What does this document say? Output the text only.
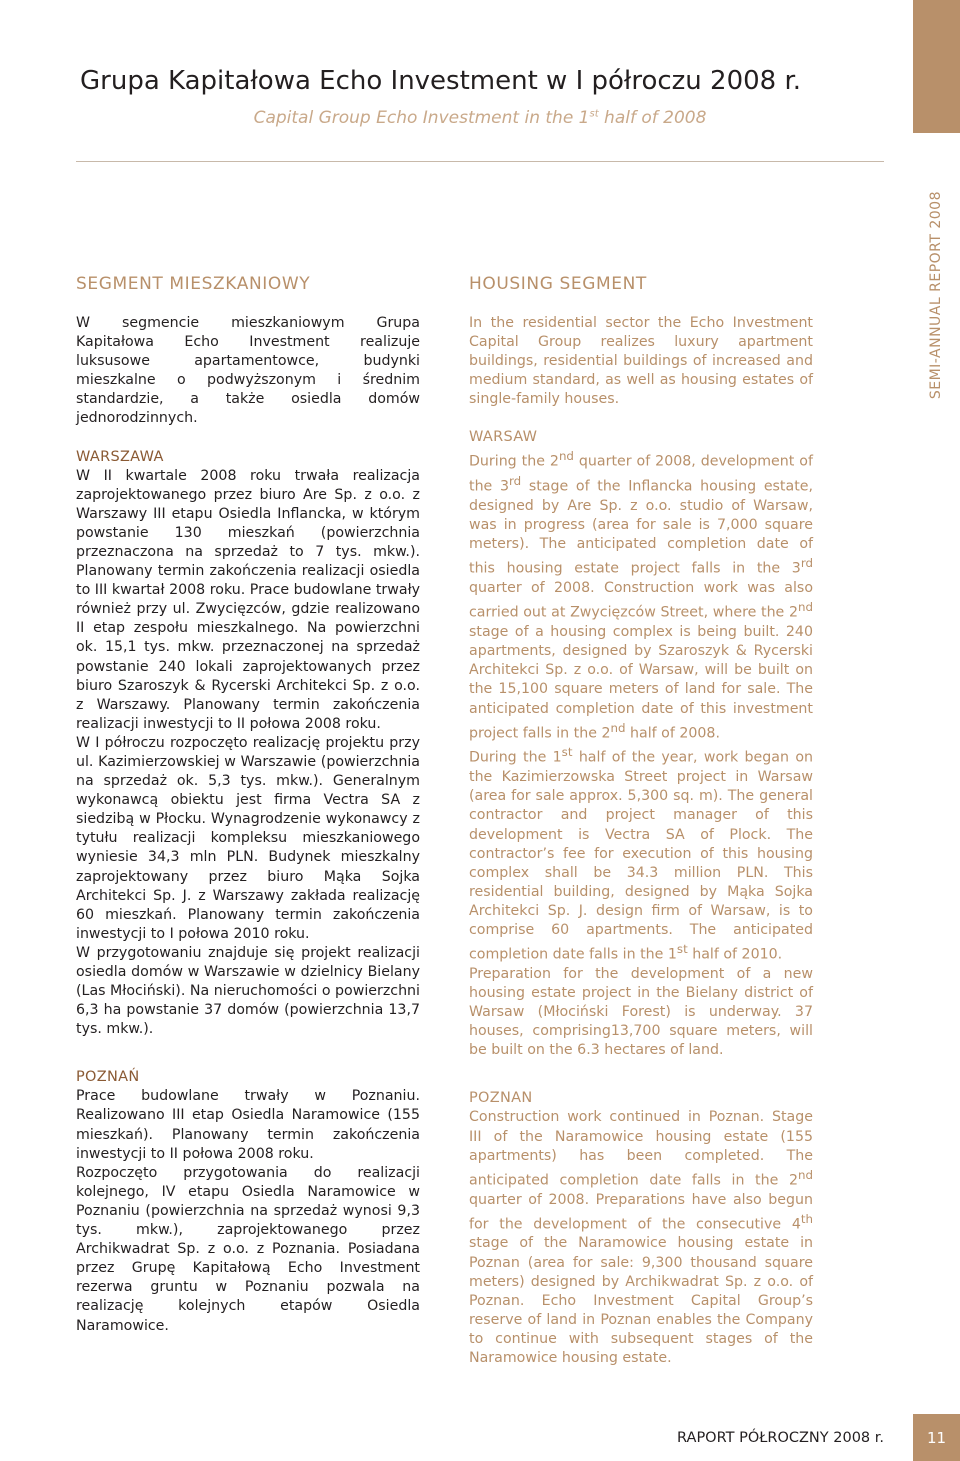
SEMI-ANNUAL REPORT 2008
Grupa Kapitałowa Echo Investment w I półroczu 2008 r.
Capital Group Echo Investment in the 1st half of 2008
SEGMENT MIESZKANIOWY

W segmencie mieszkaniowym Grupa Kapitałowa Echo Investment realizuje luksusowe apartamentowce, budynki mieszkalne o podwyższonym i średnim standardzie, a także osiedla domów jednorodzinnych.

WARSZAWA

W II kwartale 2008 roku trwała realizacja zaprojektowanego przez biuro Are Sp. z o.o. z Warszawy III etapu Osiedla Inflancka, w którym powstanie 130 mieszkań (powierzchnia przeznaczona na sprzedaż to 7 tys. mkw.). Planowany termin zakończenia realizacji osiedla to III kwartał 2008 roku. Prace budowlane trwały również przy ul. Zwycięzców, gdzie realizowano II etap zespołu mieszkalnego. Na powierzchni ok. 15,1 tys. mkw. przeznaczonej na sprzedaż powstanie 240 lokali zaprojektowanych przez biuro Szaroszyk & Rycerski Architekci Sp. z o.o. z Warszawy. Planowany termin zakończenia realizacji inwestycji to II połowa 2008 roku.

W I półroczu rozpoczęto realizację projektu przy ul. Kazimierzowskiej w Warszawie (powierzchnia na sprzedaż ok. 5,3 tys. mkw.). Generalnym wykonawcą obiektu jest firma Vectra SA z siedzibą w Płocku. Wynagrodzenie wykonawcy z tytułu realizacji kompleksu mieszkaniowego wyniesie 34,3 mln PLN. Budynek mieszkalny zaprojektowany przez biuro Mąka Sojka Architekci Sp. J. z Warszawy zakłada realizację 60 mieszkań. Planowany termin zakończenia inwestycji to I połowa 2010 roku.

W przygotowaniu znajduje się projekt realizacji osiedla domów w Warszawie w dzielnicy Bielany (Las Młociński). Na nieruchomości o powierzchni 6,3 ha powstanie 37 domów (powierzchnia 13,7 tys. mkw.).

POZNAŃ

Prace budowlane trwały w Poznaniu. Realizowano III etap Osiedla Naramowice (155 mieszkań). Planowany termin zakończenia inwestycji to II połowa 2008 roku.

Rozpoczęto przygotowania do realizacji kolejnego, IV etapu Osiedla Naramowice w Poznaniu (powierzchnia na sprzedaż wynosi 9,3 tys. mkw.), zaprojektowanego przez Archikwadrat Sp. z o.o. z Poznania. Posiadana przez Grupę Kapitałową Echo Investment rezerwa gruntu w Poznaniu pozwala na realizację kolejnych etapów Osiedla Naramowice.

HOUSING SEGMENT

In the residential sector the Echo Investment Capital Group realizes luxury apartment buildings, residential buildings of increased and medium standard, as well as housing estates of single-family houses.

WARSAW

During the 2nd quarter of 2008, development of the 3rd stage of the Inflancka housing estate, designed by Are Sp. z o.o. studio of Warsaw, was in progress (area for sale is 7,000 square meters). The anticipated completion date of this housing estate project falls in the 3rd quarter of 2008. Construction work was also carried out at Zwycięzców Street, where the 2nd stage of a housing complex is being built. 240 apartments, designed by Szaroszyk & Rycerski Architekci Sp. z o.o. of Warsaw, will be built on the 15,100 square meters of land for sale. The anticipated completion date of this investment project falls in the 2nd half of 2008.

During the 1st half of the year, work began on the Kazimierzowska Street project in Warsaw (area for sale approx. 5,300 sq. m). The general contractor and project manager of this development is Vectra SA of Plock. The contractor’s fee for execution of this housing complex shall be 34.3 million PLN. This residential building, designed by Mąka Sojka Architekci Sp. J. design firm of Warsaw, is to comprise 60 apartments. The anticipated completion date falls in the 1st half of 2010.

Preparation for the development of a new housing estate project in the Bielany district of Warsaw (Młociński Forest) is underway. 37 houses, comprising13,700 square meters, will be built on the 6.3 hectares of land.

POZNAN

Construction work continued in Poznan. Stage III of the Naramowice housing estate (155 apartments) has been completed. The anticipated completion date falls in the 2nd quarter of 2008. Preparations have also begun for the development of the consecutive 4th stage of the Naramowice housing estate in Poznan (area for sale: 9,300 thousand square meters) designed by Archikwadrat Sp. z o.o. of Poznan. Echo Investment Capital Group’s reserve of land in Poznan enables the Company to continue with subsequent stages of the Naramowice housing estate.

RAPORT PÓŁROCZNY 2008 r.	11
